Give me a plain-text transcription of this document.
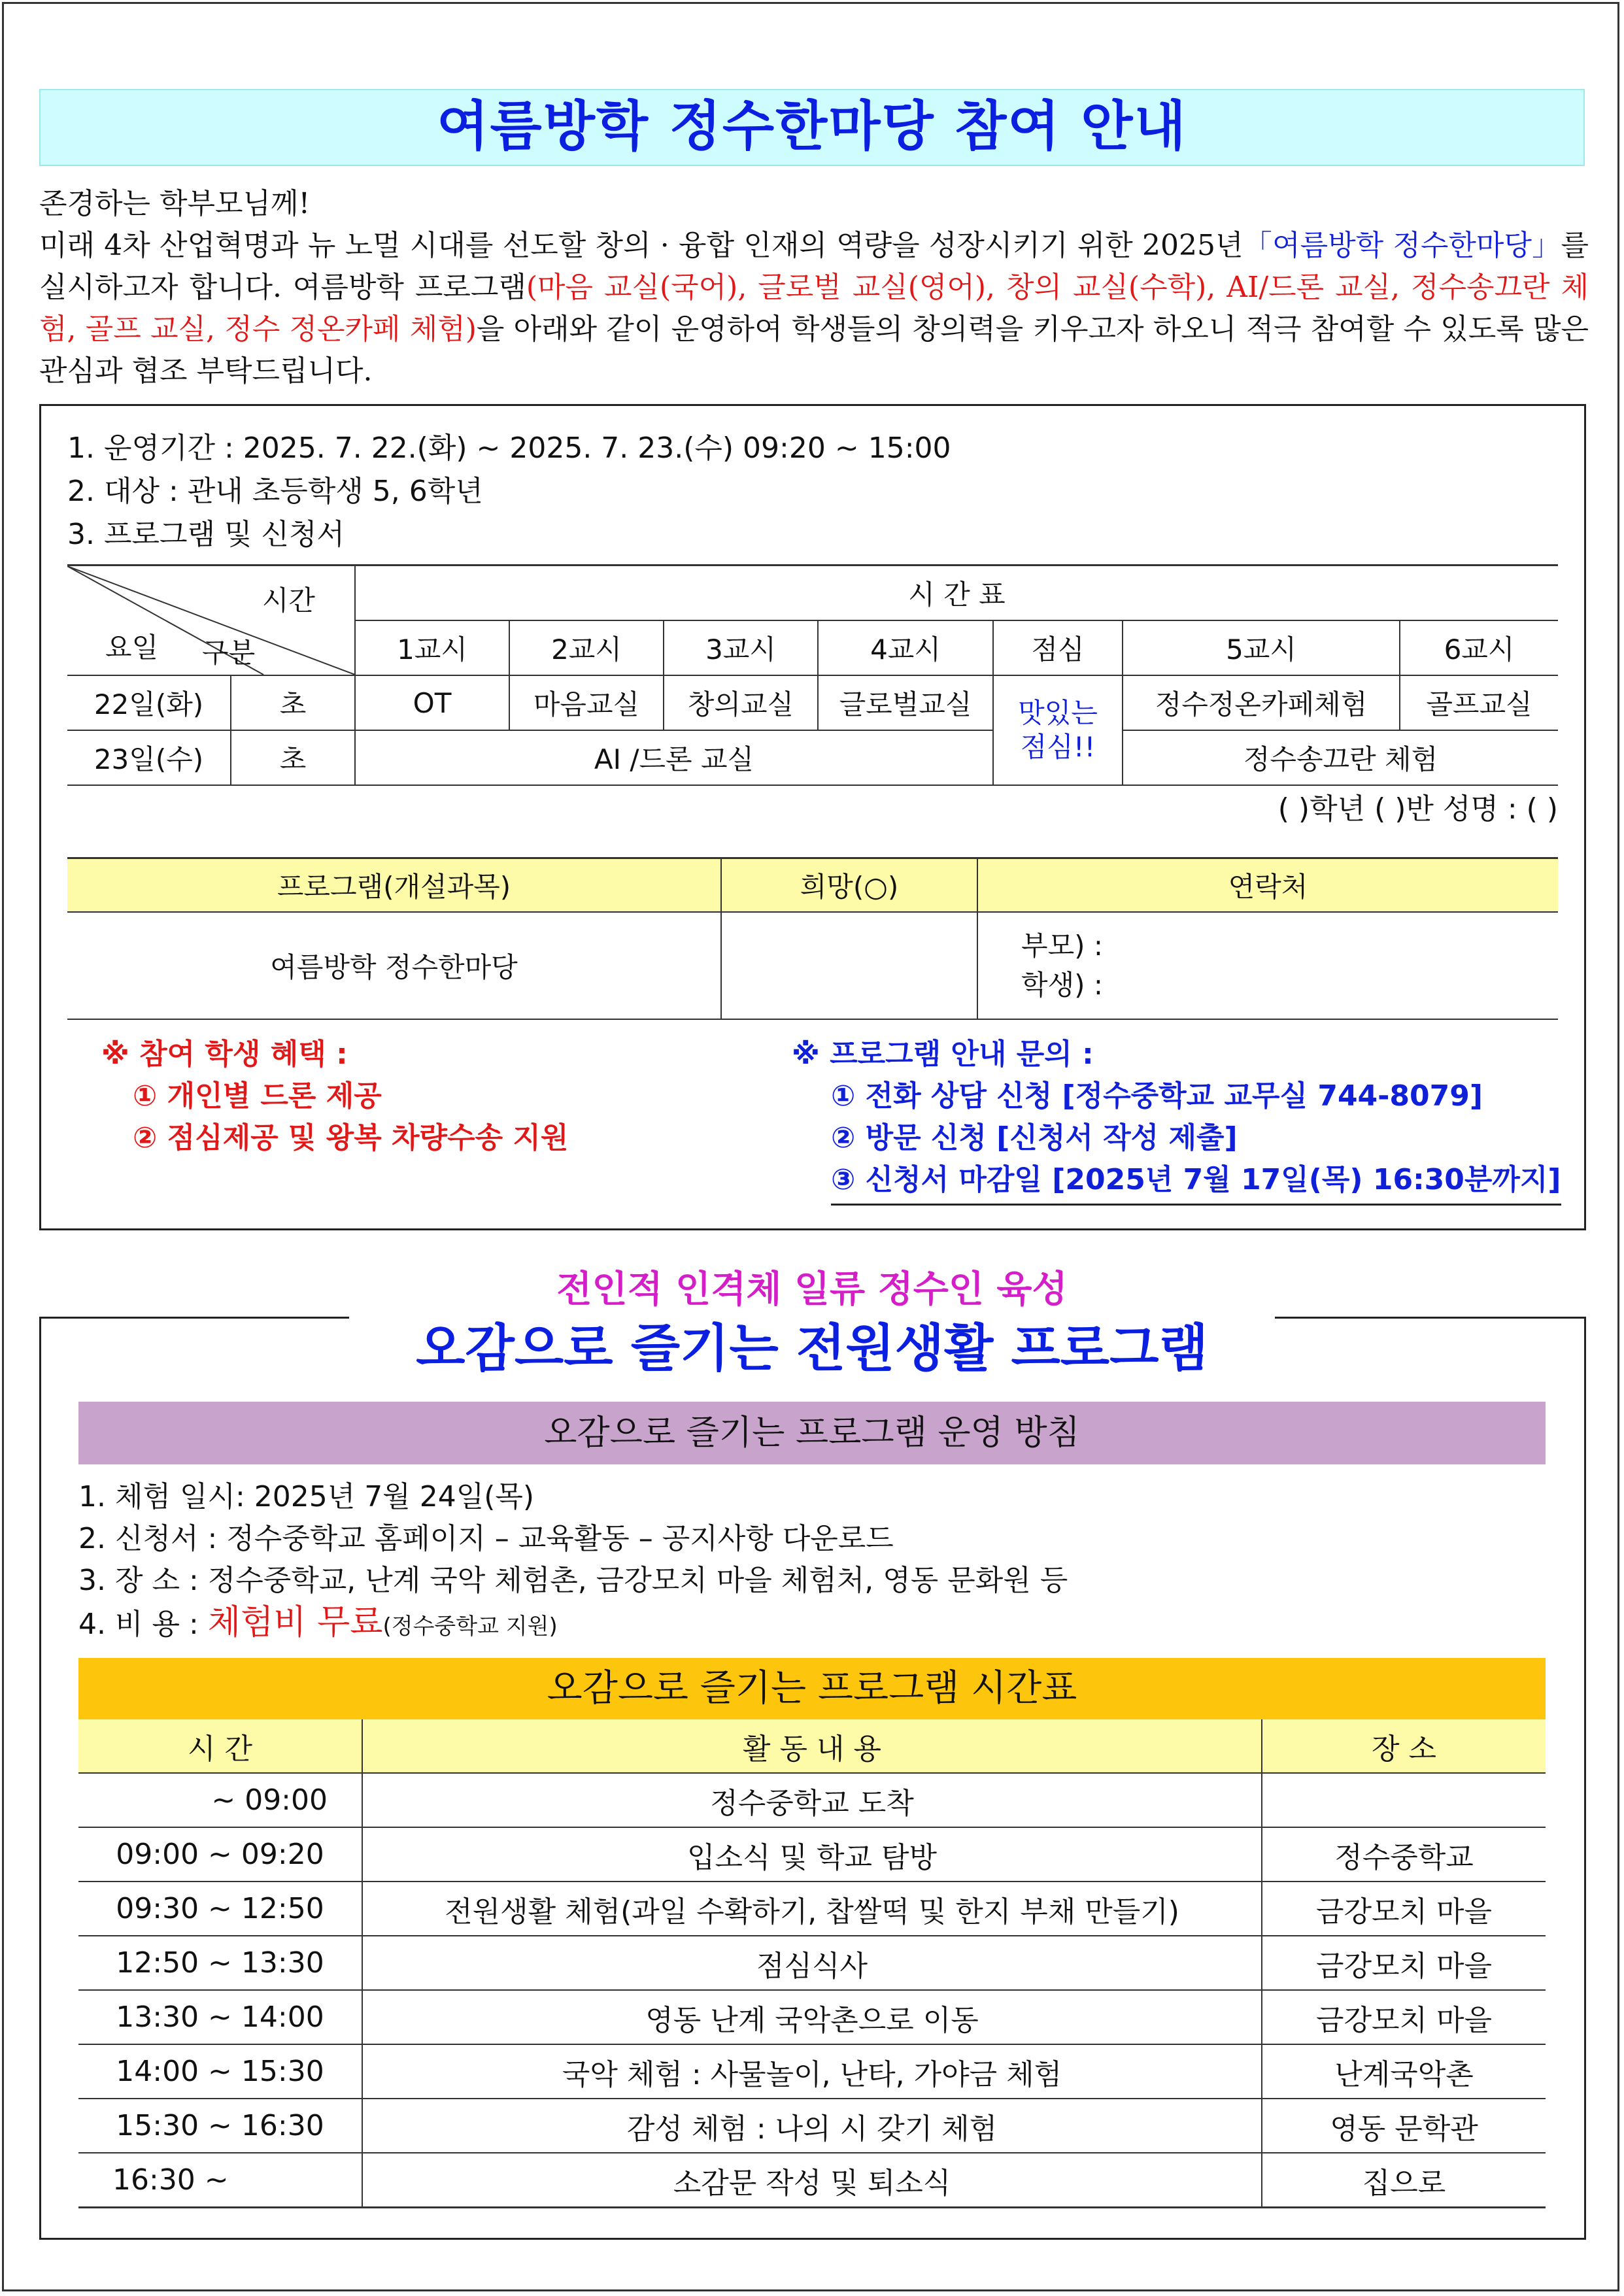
여름방학 정수한마당 참여 안내

존경하는 학부모님께!

미래 4차 산업혁명과 뉴 노멀 시대를 선도할 창의 · 융합 인재의 역량을 성장시키기 위한 2025년「여름방학 정수한마당」를 실시하고자 합니다. 여름방학 프로그램(마음 교실(국어), 글로벌 교실(영어), 창의 교실(수학), AI/드론 교실, 정수송끄란 체험, 골프 교실, 정수 정온카페 체험)을 아래와 같이 운영하여 학생들의 창의력을 키우고자 하오니 적극 참여할 수 있도록 많은 관심과 협조 부탁드립니다.

1. 운영기간 : 2025. 7. 22.(화) ~ 2025. 7. 23.(수) 09:20 ~ 15:00
2. 대상 : 관내 초등학생 5, 6학년
3. 프로그램 및 신청서
시간
요일 구분		시 간 표						
		1교시	2교시	3교시	4교시	점심	5교시	6교시
22일(화)	초	OT	마음교실	창의교실	글로벌교실	맛있는 점심!!	정수정온카페체험	골프교실
23일(수)	초	AI /드론 교실					정수송끄란 체험	
( )학년 ( )반 성명 : ( )
프로그램(개설과목)	희망(○)	연락처
여름방학 정수한마당		부모) :
학생) :
※ 참여 학생 혜택 :
① 개인별 드론 제공
② 점심제공 및 왕복 차량수송 지원
※ 프로그램 안내 문의 :
① 전화 상담 신청 [정수중학교 교무실 744-8079]
② 방문 신청 [신청서 작성 제출]
③ 신청서 마감일 [2025년 7월 17일(목) 16:30분까지]
전인적 인격체 일류 정수인 육성
오감으로 즐기는 전원생활 프로그램
오감으로 즐기는 프로그램 운영 방침
1. 체험 일시: 2025년 7월 24일(목)
2. 신청서 : 정수중학교 홈페이지 – 교육활동 – 공지사항 다운로드
3. 장 소 : 정수중학교, 난계 국악 체험촌, 금강모치 마을 체험처, 영동 문화원 등
4. 비 용 : 체험비 무료(정수중학교 지원)
오감으로 즐기는 프로그램 시간표
시 간	활 동 내 용	장 소
~ 09:00	정수중학교 도착	
09:00 ~ 09:20	입소식 및 학교 탐방	정수중학교
09:30 ~ 12:50	전원생활 체험(과일 수확하기, 찹쌀떡 및 한지 부채 만들기)	금강모치 마을
12:50 ~ 13:30	점심식사	금강모치 마을
13:30 ~ 14:00	영동 난계 국악촌으로 이동	금강모치 마을
14:00 ~ 15:30	국악 체험 : 사물놀이, 난타, 가야금 체험	난계국악촌
15:30 ~ 16:30	감성 체험 : 나의 시 갖기 체험	영동 문학관
16:30 ~	소감문 작성 및 퇴소식	집으로
